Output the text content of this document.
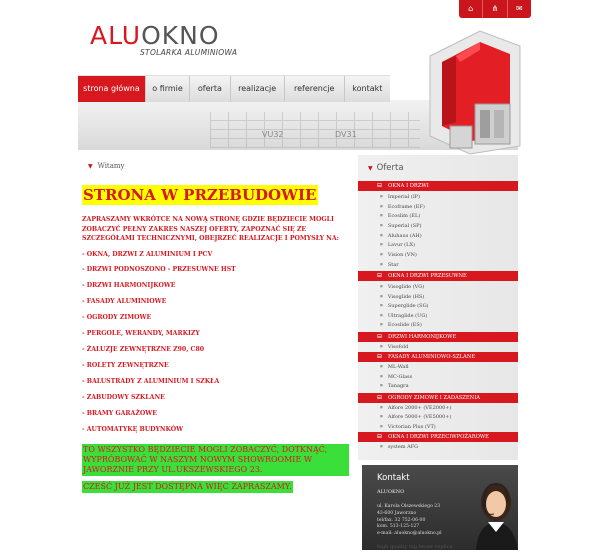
VU32	DV31
⌂	⋔	✉
ALUOKNO
STOLARKA ALUMINIOWA
strona główna	o firmie	oferta	realizacje	referencje	kontakt
▼ Witamy
STRONA W PRZEBUDOWIE
ZAPRASZAMY WKRÓTCE NA NOWĄ STRONĘ GDZIE BĘDZIECIE MOGLI ZOBACZYĆ PEŁNY ZAKRES NASZEJ OFERTY, ZAPOZNAĆ SIĘ ZE SZCZEGÓŁAMI TECHNICZNYMI, OBEJRZEĆ REALIZACJE I POMYSŁY NA:
- OKNA, DRZWI Z ALUMINIUM I PCV
- DRZWI PODNOSZONO - PRZESUWNE HST
- DRZWI HARMONIJKOWE
- FASADY ALUMINIOWE
- OGRODY ZIMOWE
- PERGOLE, WERANDY, MARKIZY
- ŻALUZJE ZEWNĘTRZNE Z90, C80
- ROLETY ZEWNĘTRZNE
- BALUSTRADY Z ALUMINIUM I SZKŁA
- ZABUDOWY SZKLANE
- BRAMY GARAŻOWE
- AUTOMATYKĘ BUDYNKÓW
TO WSZYSTKO BĘDZIECIE MOGLI ZOBACZYĆ, DOTKNĄĆ, WYPRÓBOWAĆ W NASZYM NOWYM SHOWROOMIE W JAWORZNIE PRZY UL.UKSZEWSKIEGO 23.
CZEŚĆ JUŻ JEST DOSTĘPNA WIĘC ZAPRASZAMY.
▼ Oferta
⊟ OKNA I DRZWI
■ Imperial (IP)
■ Ecoframe (EF)
■ Ecoslim (EL)
■ Superial (SP)
■ Aluhaus (AH)
■ Lavur (LX)
■ Vision (VN)
■ Star
⊟ OKNA I DRZWI PRZESUWNE
■ Visoglide (VG)
■ Visoglide (HS)
■ Superglide (SG)
■ Ultraglide (UG)
■ Ecoslide (ES)
⊟ DRZWI HARMONIJKOWE
■ Visofold
⊟ FASADY ALUMINIOWO-SZLANE
■ ML-Wall
■ MC-Glass
■ Tanagra
⊟ OGRODY ZIMOWE I ZADASZENIA
■ Alfore 2000+ (VE2000+)
■ Alfore 5000+ (VE5000+)
■ Victorian Plus (VT)
⊟ OKNA I DRZWI PRZECIWPOŻAROWE
■ system AFG
Kontakt
ALUOKNO
ul. Karola Olszewskiego 23
43-600 Jaworzno
tel/fax. 32 752-06-00
kom. 513-125-127
e-mail: aluokno@aluokno.pl
high quality tag heuer replica
